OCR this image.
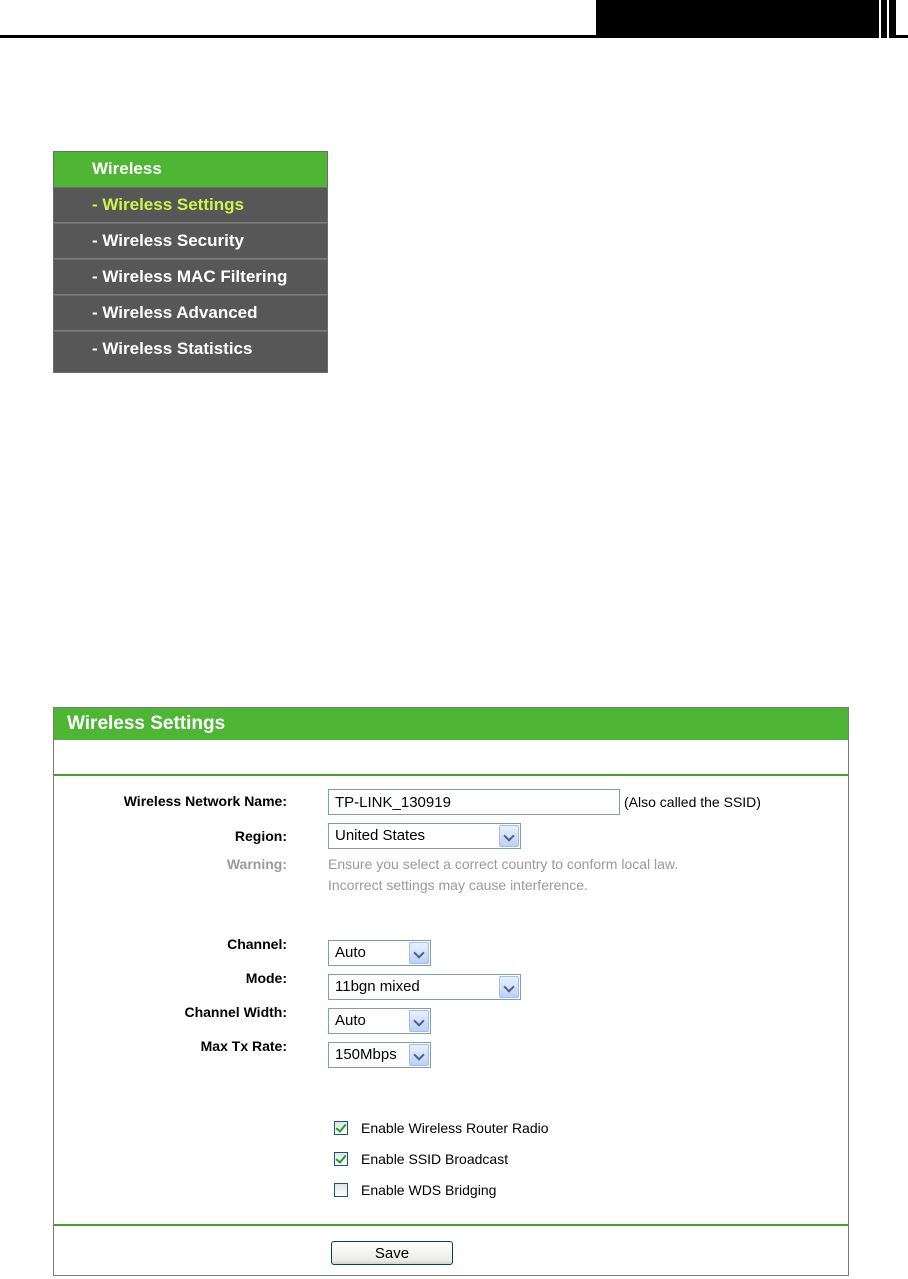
Wireless
- Wireless Settings
- Wireless Security
- Wireless MAC Filtering
- Wireless Advanced
- Wireless Statistics
Wireless Settings
Wireless Network Name:
TP-LINK_130919	(Also called the SSID)
Region:	United States
Warning:	Ensure you select a correct country to conform local law.
Incorrect settings may cause interference.
Channel:	Auto
Mode:	11bgn mixed
Channel Width:	Auto
Max Tx Rate:	150Mbps
Enable Wireless Router Radio
Enable SSID Broadcast
Enable WDS Bridging
Save
